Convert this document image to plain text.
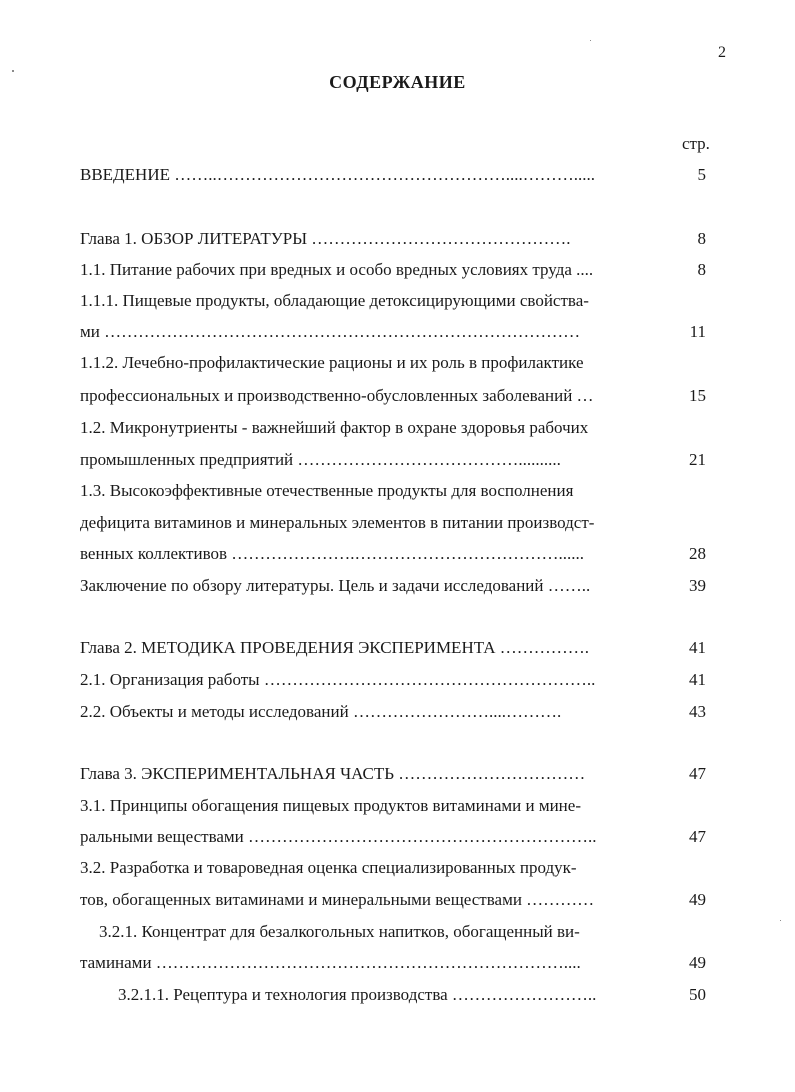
2
СОДЕРЖАНИЕ
стр.
ВВЕДЕНИЕ ……..……………………………………………....……….....	5
Глава 1. ОБЗОР ЛИТЕРАТУРЫ ……………………………………….	8
1.1. Питание рабочих при вредных и особо вредных условиях труда ....	8
1.1.1. Пищевые продукты, обладающие детоксицирующими свойства-
ми …………………………………………………………………………	11
1.1.2. Лечебно-профилактические рационы и их роль в профилактике
профессиональных и производственно-обусловленных заболеваний …	15
1.2. Микронутриенты - важнейший фактор в охране здоровья рабочих
промышленных предприятий …………………………………..........	21
1.3. Высокоэффективные отечественные продукты для восполнения
дефицита витаминов и минеральных элементов в питании производст-
венных коллективов ………………….………………………………......	28
Заключение по обзору литературы. Цель и задачи исследований ……..	39
Глава 2. МЕТОДИКА ПРОВЕДЕНИЯ ЭКСПЕРИМЕНТА …………….	41
2.1. Организация работы …………………………………………………..	41
2.2. Объекты и методы исследований ……………………....……….	43
Глава 3. ЭКСПЕРИМЕНТАЛЬНАЯ ЧАСТЬ ……………………………	47
3.1. Принципы обогащения пищевых продуктов витаминами и мине-
ральными веществами ……………………………………………………..	47
3.2. Разработка и товароведная оценка специализированных продук-
тов, обогащенных витаминами и минеральными веществами …………	49
3.2.1. Концентрат для безалкогольных напитков, обогащенный ви-
таминами ………………………………………………………………....	49
3.2.1.1. Рецептура и технология производства ……………………..	50
